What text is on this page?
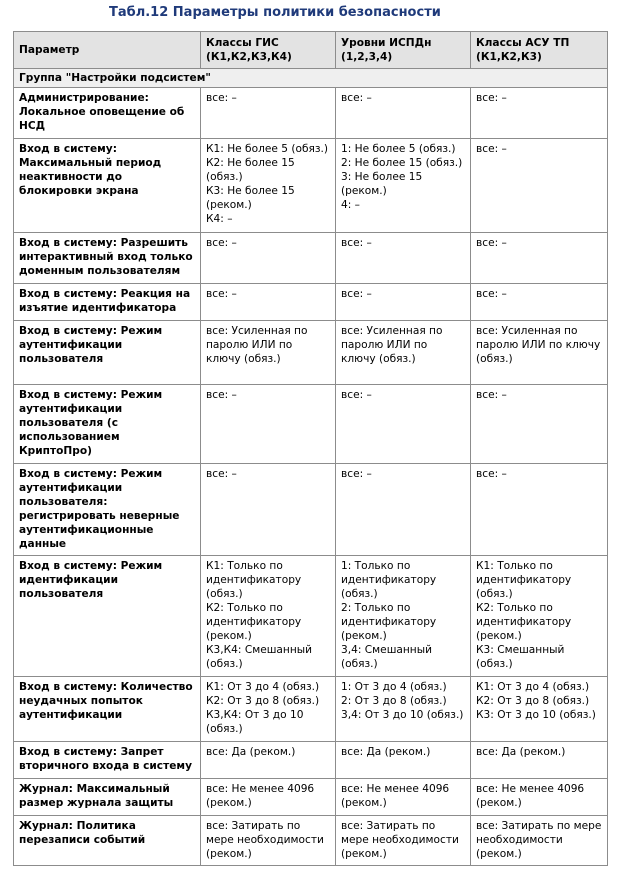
Табл.12 Параметры политики безопасности
Параметр	Классы ГИС (К1,К2,К3,К4)	Уровни ИСПДн (1,2,3,4)	Классы АСУ ТП (К1,К2,К3)
Группа "Настройки подсистем"			
Администрирование: Локальное оповещение об НСД	все: –	все: –	все: –

Вход в систему: Максимальный период неактивности до блокировки экрана	К1: Не более 5 (обяз.)
К2: Не более 15 (обяз.)
К3: Не более 15 (реком.)
К4: –	1: Не более 5 (обяз.)
2: Не более 15 (обяз.)
3: Не более 15 (реком.)
4: –	все: –

Вход в систему: Разрешить интерактивный вход только доменным пользователям	все: –	все: –	все: –

Вход в систему: Реакция на изъятие идентификатора	все: –	все: –	все: –

Вход в систему: Режим аутентификации пользователя	все: Усиленная по паролю ИЛИ по ключу (обяз.)	все: Усиленная по паролю ИЛИ по ключу (обяз.)	все: Усиленная по паролю ИЛИ по ключу (обяз.)

Вход в систему: Режим аутентификации пользователя (с использованием КриптоПро)	все: –	все: –	все: –

Вход в систему: Режим аутентификации пользователя: регистрировать неверные аутентификационные данные	все: –	все: –	все: –

Вход в систему: Режим идентификации пользователя	К1: Только по идентификатору (обяз.)
К2: Только по идентификатору (реком.)
К3,К4: Смешанный (обяз.)	1: Только по идентификатору (обяз.)
2: Только по идентификатору (реком.)
3,4: Смешанный (обяз.)	К1: Только по идентификатору (обяз.)
К2: Только по идентификатору (реком.)
К3: Смешанный (обяз.)

Вход в систему: Количество неудачных попыток аутентификации	К1: От 3 до 4 (обяз.)
К2: От 3 до 8 (обяз.)
К3,К4: От 3 до 10 (обяз.)	1: От 3 до 4 (обяз.)
2: От 3 до 8 (обяз.)
3,4: От 3 до 10 (обяз.)	К1: От 3 до 4 (обяз.)
К2: От 3 до 8 (обяз.)
К3: От 3 до 10 (обяз.)

Вход в систему: Запрет вторичного входа в систему	все: Да (реком.)	все: Да (реком.)	все: Да (реком.)

Журнал: Максимальный размер журнала защиты	все: Не менее 4096 (реком.)	все: Не менее 4096 (реком.)	все: Не менее 4096 (реком.)

Журнал: Политика перезаписи событий	все: Затирать по мере необходимости (реком.)	все: Затирать по мере необходимости (реком.)	все: Затирать по мере необходимости (реком.)
